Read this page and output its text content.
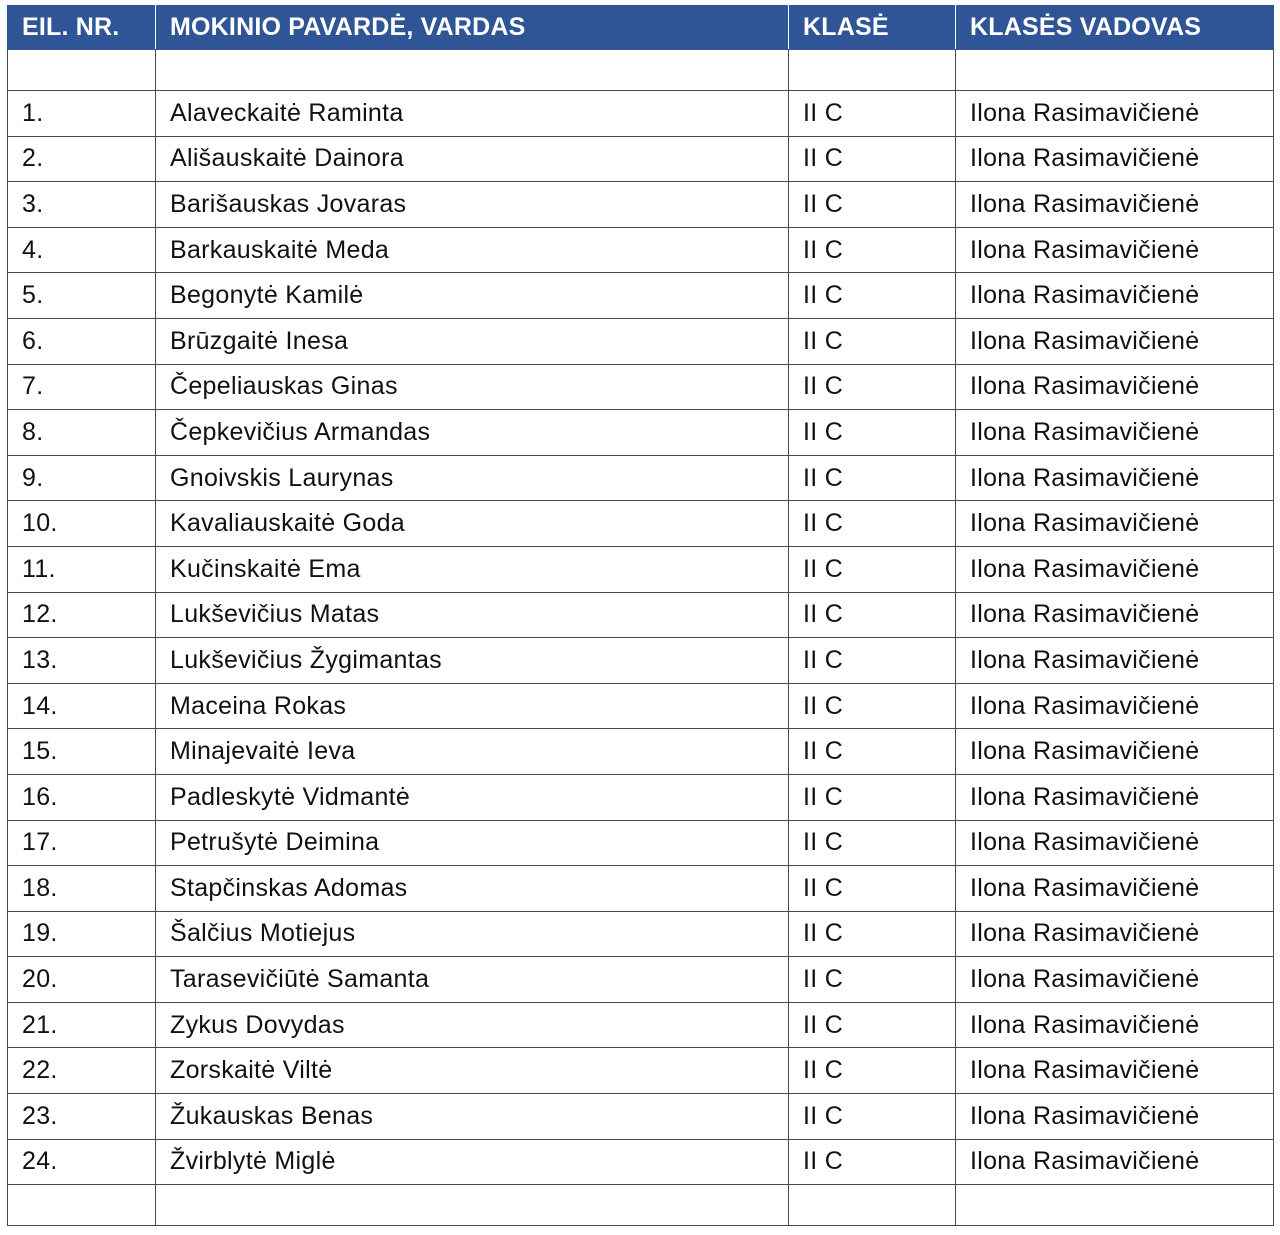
EIL. NR.	MOKINIO PAVARDĖ, VARDAS	KLASĖ	KLASĖS VADOVAS

1.	Alaveckaitė Raminta	II C	Ilona Rasimavičienė
2.	Ališauskaitė Dainora	II C	Ilona Rasimavičienė
3.	Barišauskas Jovaras	II C	Ilona Rasimavičienė
4.	Barkauskaitė Meda	II C	Ilona Rasimavičienė
5.	Begonytė Kamilė	II C	Ilona Rasimavičienė
6.	Brūzgaitė Inesa	II C	Ilona Rasimavičienė
7.	Čepeliauskas Ginas	II C	Ilona Rasimavičienė
8.	Čepkevičius Armandas	II C	Ilona Rasimavičienė
9.	Gnoivskis Laurynas	II C	Ilona Rasimavičienė
10.	Kavaliauskaitė Goda	II C	Ilona Rasimavičienė
11.	Kučinskaitė Ema	II C	Ilona Rasimavičienė
12.	Lukševičius Matas	II C	Ilona Rasimavičienė
13.	Lukševičius Žygimantas	II C	Ilona Rasimavičienė
14.	Maceina Rokas	II C	Ilona Rasimavičienė
15.	Minajevaitė Ieva	II C	Ilona Rasimavičienė
16.	Padleskytė Vidmantė	II C	Ilona Rasimavičienė
17.	Petrušytė Deimina	II C	Ilona Rasimavičienė
18.	Stapčinskas Adomas	II C	Ilona Rasimavičienė
19.	Šalčius Motiejus	II C	Ilona Rasimavičienė
20.	Tarasevičiūtė Samanta	II C	Ilona Rasimavičienė
21.	Zykus Dovydas	II C	Ilona Rasimavičienė
22.	Zorskaitė Viltė	II C	Ilona Rasimavičienė
23.	Žukauskas Benas	II C	Ilona Rasimavičienė
24.	Žvirblytė Miglė	II C	Ilona Rasimavičienė
